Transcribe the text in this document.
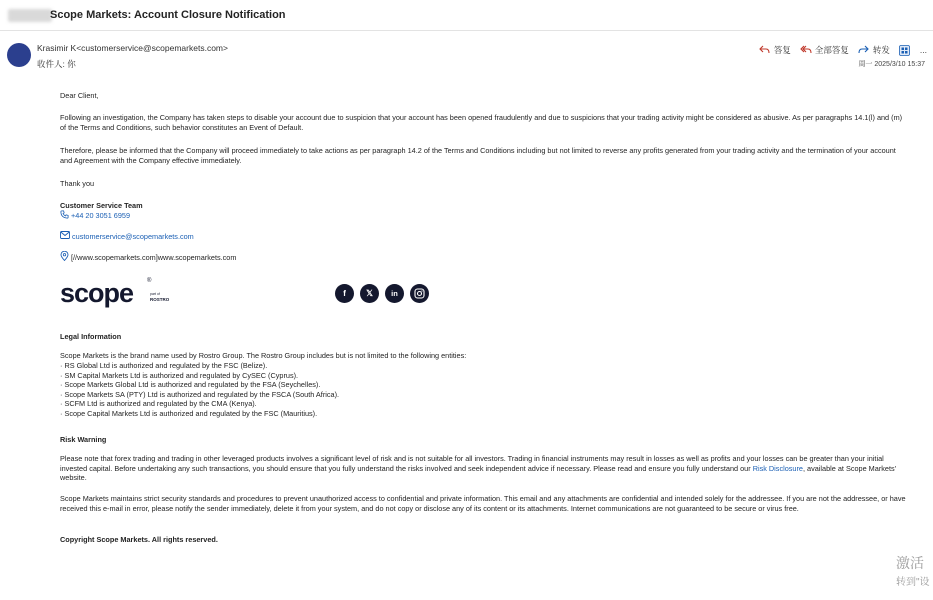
Scope Markets: Account Closure Notification
Krasimir K<customerservice@scopemarkets.com>
收件人: 你
答复	全部答复	转发	...
周一 2025/3/10 15:37

Dear Client,

Following an investigation, the Company has taken steps to disable your account due to suspicion that your account has been opened fraudulently and due to suspicions that your trading activity might be considered as abusive. As per paragraphs 14.1(l) and (m) of the Terms and Conditions, such behavior constitutes an Event of Default.

Therefore, please be informed that the Company will proceed immediately to take actions as per paragraph 14.2 of the Terms and Conditions including but not limited to reverse any profits generated from your trading activity and the termination of your account and Agreement with the Company effective immediately.

Thank you

Customer Service Team

+44 20 3051 6959
customerservice@scopemarkets.com
[//www.scopemarkets.com]www.scopemarkets.com
scope ®
part of
ROSTRO
f 𝕏 in

Legal Information

Scope Markets is the brand name used by Rostro Group. The Rostro Group includes but is not limited to the following entities:

· RS Global Ltd is authorized and regulated by the FSC (Belize).

· SM Capital Markets Ltd is authorized and regulated by CySEC (Cyprus).

· Scope Markets Global Ltd is authorized and regulated by the FSA (Seychelles).

· Scope Markets SA (PTY) Ltd is authorized and regulated by the FSCA (South Africa).

· SCFM Ltd is authorized and regulated by the CMA (Kenya).

· Scope Capital Markets Ltd is authorized and regulated by the FSC (Mauritius).

Risk Warning

Please note that forex trading and trading in other leveraged products involves a significant level of risk and is not suitable for all investors. Trading in financial instruments may result in losses as well as profits and your losses can be greater than your initial invested capital. Before undertaking any such transactions, you should ensure that you fully understand the risks involved and seek independent advice if necessary. Please read and ensure you fully understand our Risk Disclosure, available at Scope Markets' website.

Scope Markets maintains strict security standards and procedures to prevent unauthorized access to confidential and private information. This email and any attachments are confidential and intended solely for the addressee. If you are not the addressee, or have received this e-mail in error, please notify the sender immediately, delete it from your system, and do not copy or disclose any of its content or its attachments. Internet communications are not guaranteed to be secure or virus free.

Copyright Scope Markets. All rights reserved.

激活
转到"设
